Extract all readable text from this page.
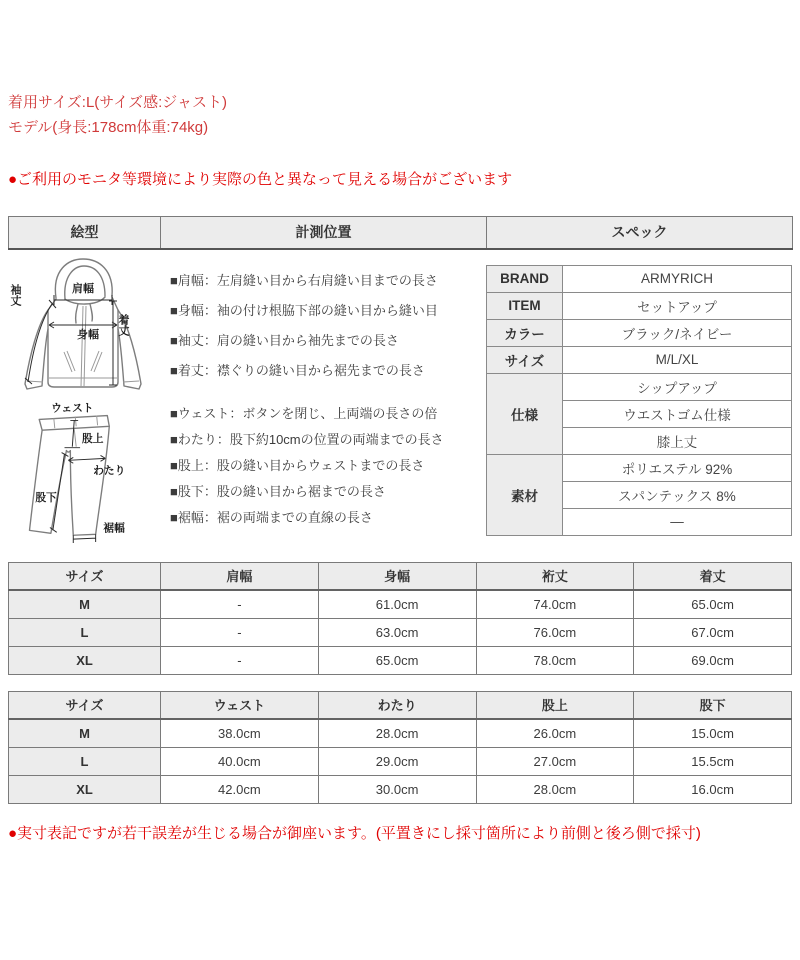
着用サイズ:L(サイズ感:ジャスト)
モデル(身長:178cm体重:74kg)
●ご利用のモニタ等環境により実際の色と異なって見える場合がございます
絵型	計測位置	スペック
肩幅
身幅
袖丈
着丈
ウェスト
股上
わたり
股下
裾幅
■肩幅：左肩縫い目から右肩縫い目までの長さ
■身幅：袖の付け根脇下部の縫い目から縫い目
■袖丈：肩の縫い目から袖先までの長さ
■着丈：襟ぐりの縫い目から裾先までの長さ
■ウェスト：ボタンを閉じ、上両端の長さの倍
■わたり：股下約10cmの位置の両端までの長さ
■股上：股の縫い目からウェストまでの長さ
■股下：股の縫い目から裾までの長さ
■裾幅：裾の両端までの直線の長さ
BRAND	ARMYRICH
ITEM	セットアップ
カラー	ブラック/ネイビー
サイズ	M/L/XL
仕様	シップアップ
	ウエストゴム仕様
	膝上丈
素材	ポリエステル 92%
	スパンテックス 8%
	—
サイズ	肩幅	身幅	裄丈	着丈
M	-	61.0cm	74.0cm	65.0cm
L	-	63.0cm	76.0cm	67.0cm
XL	-	65.0cm	78.0cm	69.0cm
サイズ	ウェスト	わたり	股上	股下
M	38.0cm	28.0cm	26.0cm	15.0cm
L	40.0cm	29.0cm	27.0cm	15.5cm
XL	42.0cm	30.0cm	28.0cm	16.0cm
●実寸表記ですが若干誤差が生じる場合が御座います。(平置きにし採寸箇所により前側と後ろ側で採寸)
